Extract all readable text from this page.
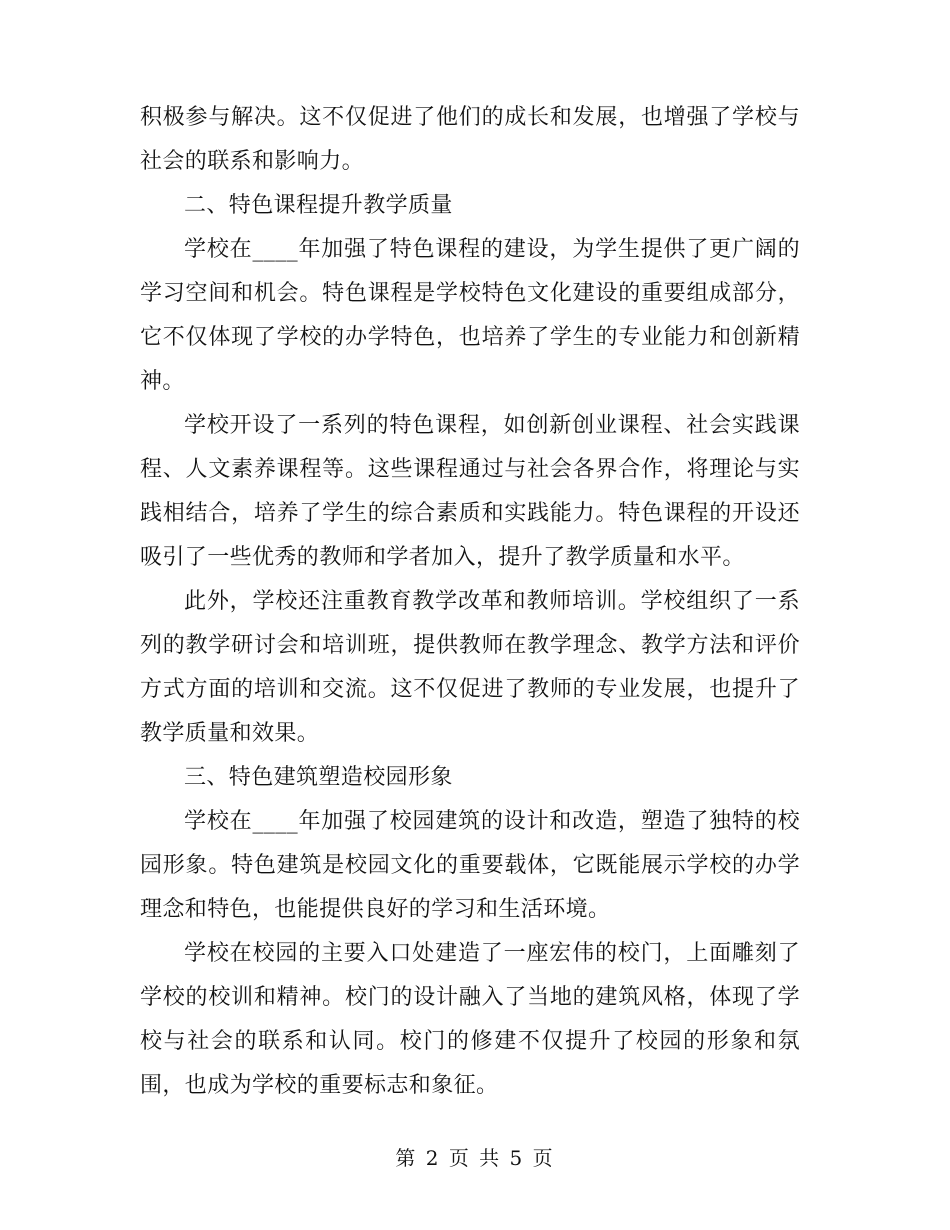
积极参与解决。这不仅促进了他们的成长和发展，也增强了学校与社会的联系和影响力。

二、特色课程提升教学质量

学校在____年加强了特色课程的建设，为学生提供了更广阔的学习空间和机会。特色课程是学校特色文化建设的重要组成部分，它不仅体现了学校的办学特色，也培养了学生的专业能力和创新精神。

学校开设了一系列的特色课程，如创新创业课程、社会实践课程、人文素养课程等。这些课程通过与社会各界合作，将理论与实践相结合，培养了学生的综合素质和实践能力。特色课程的开设还吸引了一些优秀的教师和学者加入，提升了教学质量和水平。

此外，学校还注重教育教学改革和教师培训。学校组织了一系列的教学研讨会和培训班，提供教师在教学理念、教学方法和评价方式方面的培训和交流。这不仅促进了教师的专业发展，也提升了教学质量和效果。

三、特色建筑塑造校园形象

学校在____年加强了校园建筑的设计和改造，塑造了独特的校园形象。特色建筑是校园文化的重要载体，它既能展示学校的办学理念和特色，也能提供良好的学习和生活环境。

学校在校园的主要入口处建造了一座宏伟的校门，上面雕刻了学校的校训和精神。校门的设计融入了当地的建筑风格，体现了学校与社会的联系和认同。校门的修建不仅提升了校园的形象和氛围，也成为学校的重要标志和象征。

第 2 页 共 5 页
